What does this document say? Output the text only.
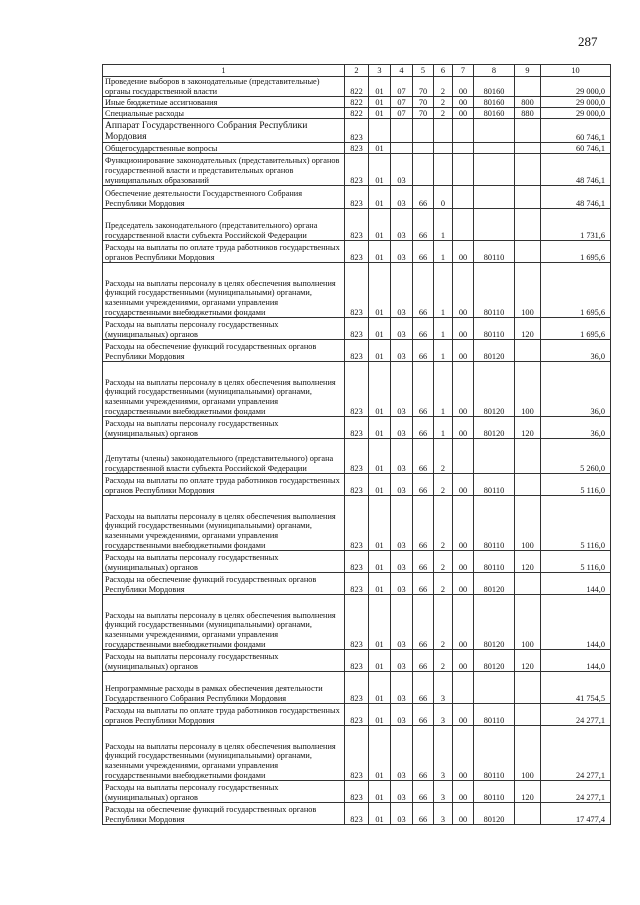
287
1	2	3	4	5	6	7	8	9	10
Проведение выборов в законодательные (представительные) органы государственной власти	822	01	07	70	2	00	80160		29 000,0
Иные бюджетные ассигнования	822	01	07	70	2	00	80160	800	29 000,0
Специальные расходы	822	01	07	70	2	00	80160	880	29 000,0
Аппарат Государственного Собрания Республики Мордовия	823								60 746,1
Общегосударственные вопросы	823	01							60 746,1
Функционирование законодательных (представительных) органов государственной власти и представительных органов муниципальных образований	823	01	03						48 746,1
Обеспечение деятельности Государственного Собрания Республики Мордовия	823	01	03	66	0				48 746,1
Председатель законодательного (представительного) органа государственной власти субъекта Российской Федерации	823	01	03	66	1				1 731,6
Расходы на выплаты по оплате труда работников государственных органов Республики Мордовия	823	01	03	66	1	00	80110		1 695,6
Расходы на выплаты персоналу в целях обеспечения выполнения функций государственными (муниципальными) органами, казенными учреждениями, органами управления государственными внебюджетными фондами	823	01	03	66	1	00	80110	100	1 695,6
Расходы на выплаты персоналу государственных (муниципальных) органов	823	01	03	66	1	00	80110	120	1 695,6
Расходы на обеспечение функций государственных органов Республики Мордовия	823	01	03	66	1	00	80120		36,0
Расходы на выплаты персоналу в целях обеспечения выполнения функций государственными (муниципальными) органами, казенными учреждениями, органами управления государственными внебюджетными фондами	823	01	03	66	1	00	80120	100	36,0
Расходы на выплаты персоналу государственных (муниципальных) органов	823	01	03	66	1	00	80120	120	36,0
Депутаты (члены) законодательного (представительного) органа государственной власти субъекта Российской Федерации	823	01	03	66	2				5 260,0
Расходы на выплаты по оплате труда работников государственных органов Республики Мордовия	823	01	03	66	2	00	80110		5 116,0
Расходы на выплаты персоналу в целях обеспечения выполнения функций государственными (муниципальными) органами, казенными учреждениями, органами управления государственными внебюджетными фондами	823	01	03	66	2	00	80110	100	5 116,0
Расходы на выплаты персоналу государственных (муниципальных) органов	823	01	03	66	2	00	80110	120	5 116,0
Расходы на обеспечение функций государственных органов Республики Мордовия	823	01	03	66	2	00	80120		144,0
Расходы на выплаты персоналу в целях обеспечения выполнения функций государственными (муниципальными) органами, казенными учреждениями, органами управления государственными внебюджетными фондами	823	01	03	66	2	00	80120	100	144,0
Расходы на выплаты персоналу государственных (муниципальных) органов	823	01	03	66	2	00	80120	120	144,0
Непрограммные расходы в рамках обеспечения деятельности Государственного Собрания Республики Мордовия	823	01	03	66	3				41 754,5
Расходы на выплаты по оплате труда работников государственных органов Республики Мордовия	823	01	03	66	3	00	80110		24 277,1
Расходы на выплаты персоналу в целях обеспечения выполнения функций государственными (муниципальными) органами, казенными учреждениями, органами управления государственными внебюджетными фондами	823	01	03	66	3	00	80110	100	24 277,1
Расходы на выплаты персоналу государственных (муниципальных) органов	823	01	03	66	3	00	80110	120	24 277,1
Расходы на обеспечение функций государственных органов Республики Мордовия	823	01	03	66	3	00	80120		17 477,4
